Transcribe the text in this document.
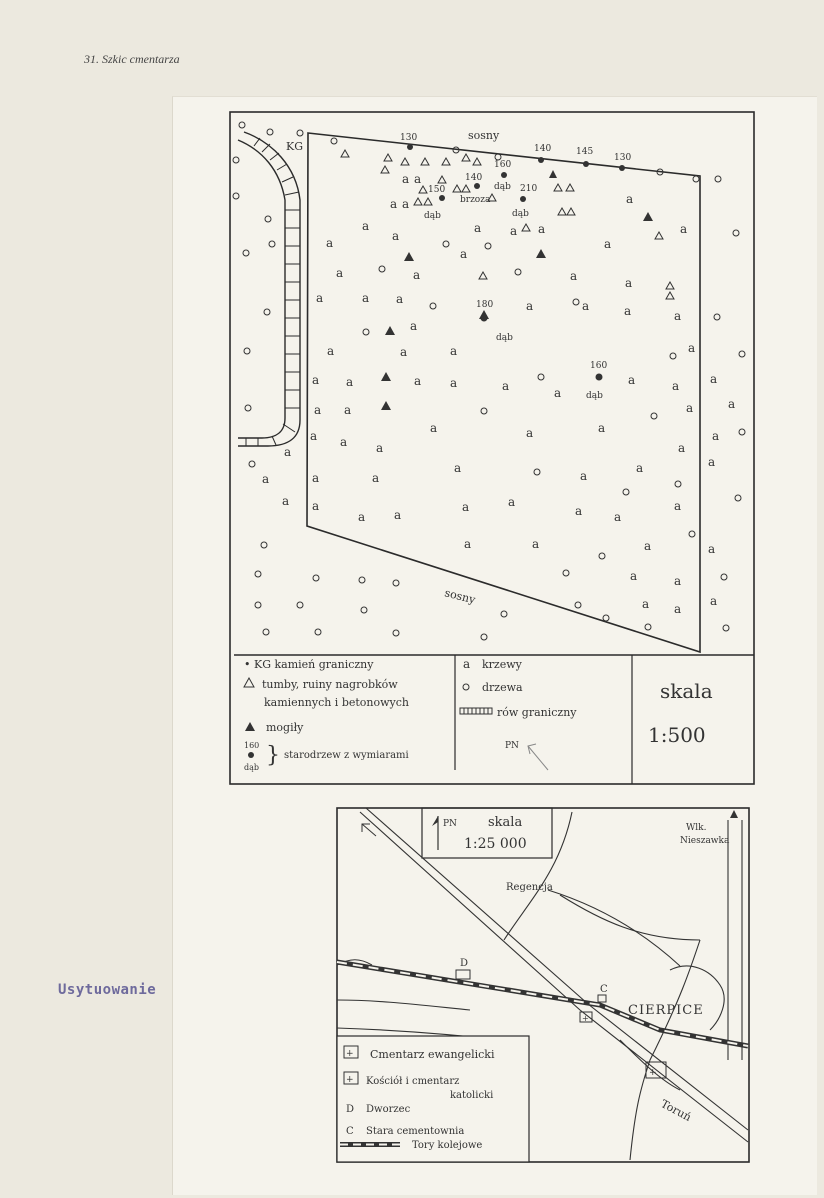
31. Szkic cmentarza
Usytuowanie
KG
sosny
sosny
130
140	145
130
160
dąb
140
150
dąb
brzoza
210
dąb
180
dąb
160
dąb
a a
a a
a a a
a
a
a	a
a
a
a
a	a	a	a
a	a a	a	a	a	a
a
a	a	a	a
a a	a a	a	a
a	a	a
a a
a	a	a
a	a
a a a	a
a
a
a
a	a	a
a
a
a
a a
a a
a	a
a	a
a
a	a	a	a
a	a
a a
a
• KG kamień graniczny
tumby, ruiny nagrobków
kamiennych i betonowych
mogiły
160
dąb } starodrzew z wymiarami
a krzewy
drzewa
rów graniczny
PN
skala
1:500
PN skala
1:25 000
Wlk.
Nieszawka
Regencja
D
C
CIERPICE
+
+
Toruń
+ Cmentarz ewangelicki
+ Kościół i cmentarz
katolicki
D Dworzec
C Stara cementownia
Tory kolejowe
